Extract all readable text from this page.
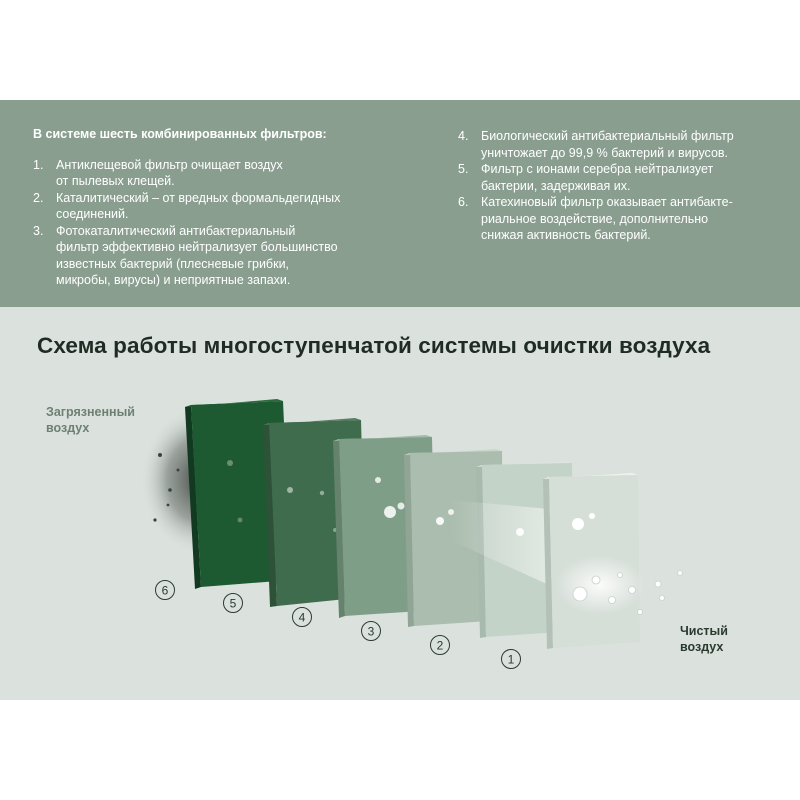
В системе шесть комбинированных фильтров:

1. Антиклещевой фильтр очищает воздух
от пылевых клещей.
2. Каталитический – от вредных формальдегидных
соединений.
3. Фотокаталитический антибактериальный
фильтр эффективно нейтрализует большинство
известных бактерий (плесневые грибки,
микробы, вирусы) и неприятные запахи.
4. Биологический антибактериальный фильтр
уничтожает до 99,9 % бактерий и вирусов.
5. Фильтр с ионами серебра нейтрализует
бактерии, задерживая их.
6. Катехиновый фильтр оказывает антибакте-
риальное воздействие, дополнительно
снижая активность бактерий.
Схема работы многоступенчатой системы очистки воздуха
Загрязненный
воздух
Чистый
воздух
6
5
4
3
2
1
